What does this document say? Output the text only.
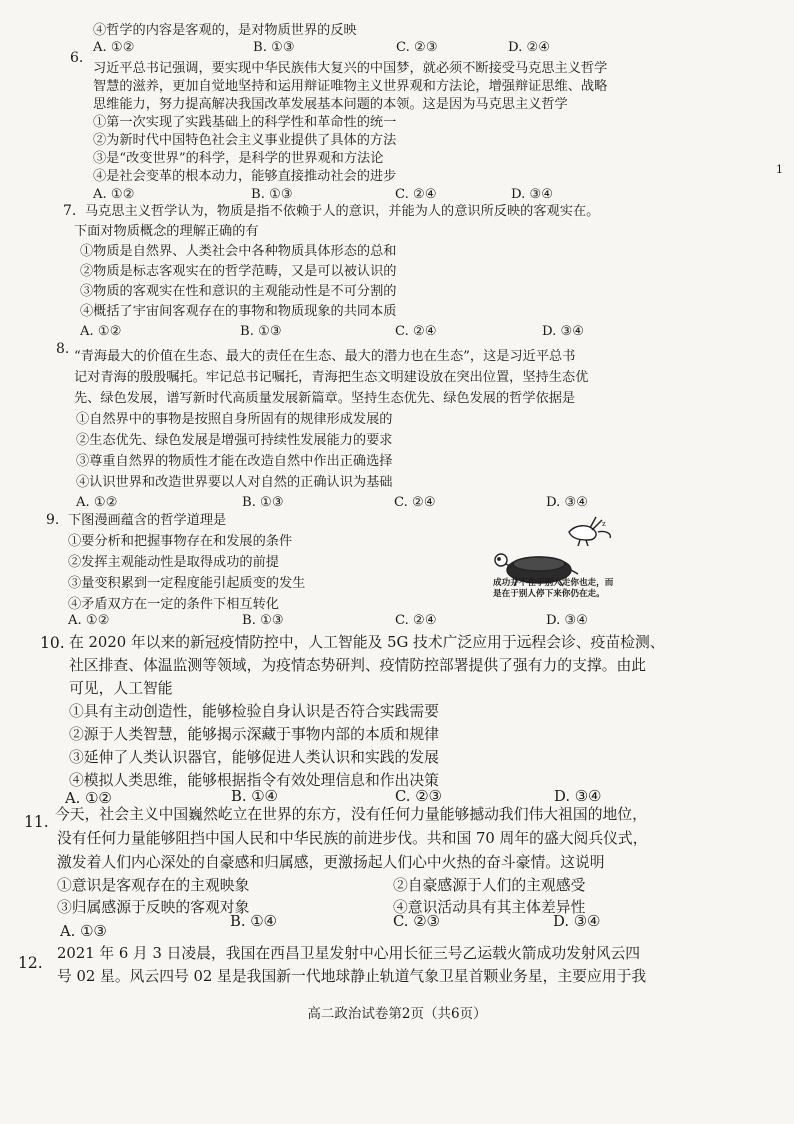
1
④哲学的内容是客观的，是对物质世界的反映
A. ①②	B. ①③	C. ②③	D. ②④
6.
习近平总书记强调，要实现中华民族伟大复兴的中国梦，就必须不断接受马克思主义哲学
智慧的滋养，更加自觉地坚持和运用辩证唯物主义世界观和方法论，增强辩证思维、战略
思维能力，努力提高解决我国改革发展基本问题的本领。这是因为马克思主义哲学
①第一次实现了实践基础上的科学性和革命性的统一
②为新时代中国特色社会主义事业提供了具体的方法
③是“改变世界”的科学，是科学的世界观和方法论
④是社会变革的根本动力，能够直接推动社会的进步
A. ①②	B. ①③	C. ②④	D. ③④
7. 马克思主义哲学认为，物质是指不依赖于人的意识，并能为人的意识所反映的客观实在。
下面对物质概念的理解正确的有
①物质是自然界、人类社会中各种物质具体形态的总和
②物质是标志客观实在的哲学范畴，又是可以被认识的
③物质的客观实在性和意识的主观能动性是不可分割的
④概括了宇宙间客观存在的事物和物质现象的共同本质
A. ①②	B. ①③	C. ②④	D. ③④
8. “青海最大的价值在生态、最大的责任在生态、最大的潜力也在生态”，这是习近平总书
记对青海的殷殷嘱托。牢记总书记嘱托，青海把生态文明建设放在突出位置，坚持生态优
先、绿色发展，谱写新时代高质量发展新篇章。坚持生态优先、绿色发展的哲学依据是
①自然界中的事物是按照自身所固有的规律形成发展的
②生态优先、绿色发展是增强可持续性发展能力的要求
③尊重自然界的物质性才能在改造自然中作出正确选择
④认识世界和改造世界要以人对自然的正确认识为基础
A. ①②	B. ①③	C. ②④	D. ③④
9. 下图漫画蕴含的哲学道理是
①要分析和把握事物存在和发展的条件
②发挥主观能动性是取得成功的前提
③量变积累到一定程度能引起质变的发生
④矛盾双方在一定的条件下相互转化
z
成功并不在于别人走你也走，而
是在于别人停下来你仍在走。
A. ①②	B. ①③	C. ②④	D. ③④
10. 在 2020 年以来的新冠疫情防控中，人工智能及 5G 技术广泛应用于远程会诊、疫苗检测、
社区排查、体温监测等领域，为疫情态势研判、疫情防控部署提供了强有力的支撑。由此
可见，人工智能
①具有主动创造性，能够检验自身认识是否符合实践需要
②源于人类智慧，能够揭示深藏于事物内部的本质和规律
③延伸了人类认识器官，能够促进人类认识和实践的发展
④模拟人类思维，能够根据指令有效处理信息和作出决策
A. ①②	B. ①④	C. ②③	D. ③④
11. 今天，社会主义中国巍然屹立在世界的东方，没有任何力量能够撼动我们伟大祖国的地位，
没有任何力量能够阻挡中国人民和中华民族的前进步伐。共和国 70 周年的盛大阅兵仪式，
激发着人们内心深处的自豪感和归属感，更激扬起人们心中火热的奋斗豪情。这说明
①意识是客观存在的主观映象	②自豪感源于人们的主观感受
③归属感源于反映的客观对象	④意识活动具有其主体差异性
A. ①③
B. ①④	C. ②③	D. ③④
12.
2021 年 6 月 3 日凌晨，我国在西昌卫星发射中心用长征三号乙运载火箭成功发射风云四
号 02 星。风云四号 02 星是我国新一代地球静止轨道气象卫星首颗业务星，主要应用于我
高二政治试卷第2页（共6页）
